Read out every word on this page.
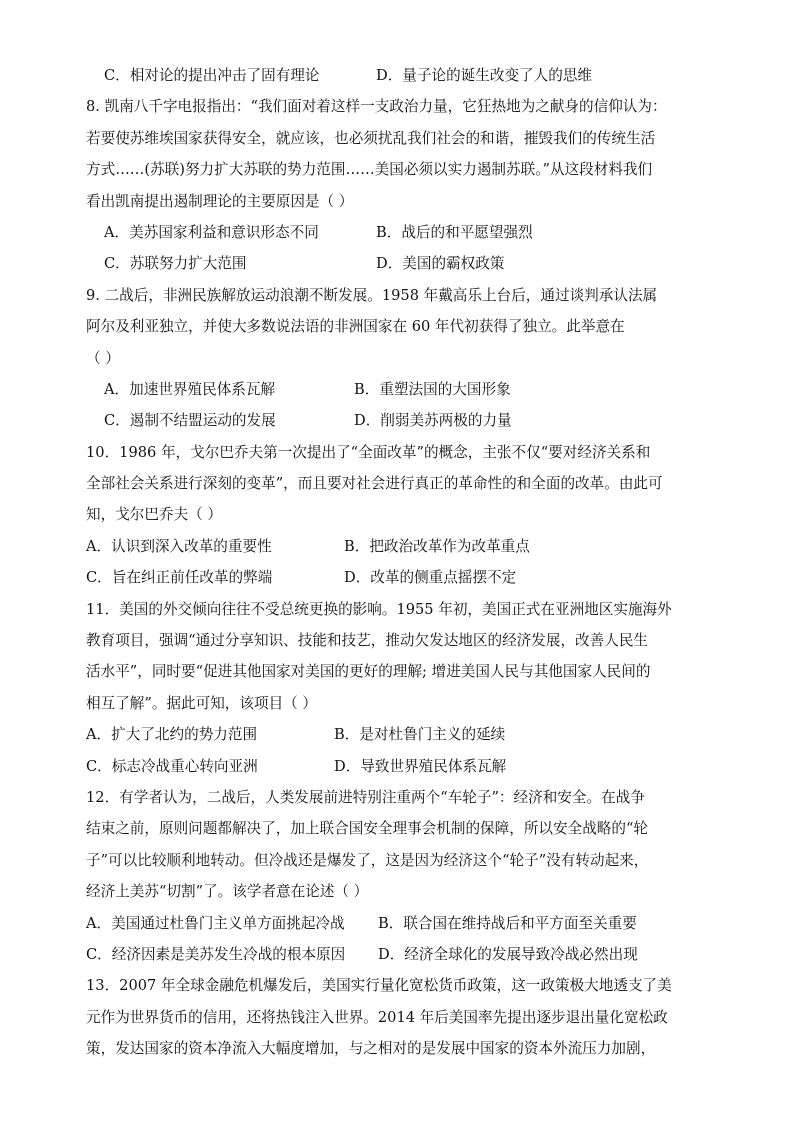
C．相对论的提出冲击了固有理论	D．量子论的诞生改变了人的思维
8. 凯南八千字电报指出：“我们面对着这样一支政治力量，它狂热地为之献身的信仰认为：
若要使苏维埃国家获得安全，就应该，也必须扰乱我们社会的和谐，摧毁我们的传统生活
方式……(苏联)努力扩大苏联的势力范围……美国必须以实力遏制苏联。”从这段材料我们
看出凯南提出遏制理论的主要原因是（ ）
A．美苏国家利益和意识形态不同	B．战后的和平愿望强烈
C．苏联努力扩大范围	D．美国的霸权政策
9. 二战后，非洲民族解放运动浪潮不断发展。1958 年戴高乐上台后，通过谈判承认法属
阿尔及利亚独立，并使大多数说法语的非洲国家在 60 年代初获得了独立。此举意在
（ ）
A．加速世界殖民体系瓦解	B．重塑法国的大国形象
C．遏制不结盟运动的发展	D．削弱美苏两极的力量
10．1986 年，戈尔巴乔夫第一次提出了“全面改革”的概念，主张不仅“要对经济关系和
全部社会关系进行深刻的变革”，而且要对社会进行真正的革命性的和全面的改革。由此可
知，戈尔巴乔夫（ ）
A．认识到深入改革的重要性	B．把政治改革作为改革重点
C．旨在纠正前任改革的弊端	D．改革的侧重点摇摆不定
11．美国的外交倾向往往不受总统更换的影响。1955 年初，美国正式在亚洲地区实施海外
教育项目，强调“通过分享知识、技能和技艺，推动欠发达地区的经济发展，改善人民生
活水平”，同时要“促进其他国家对美国的更好的理解; 增进美国人民与其他国家人民间的
相互了解”。据此可知，该项目（ ）
A．扩大了北约的势力范围	B．是对杜鲁门主义的延续
C．标志冷战重心转向亚洲	D．导致世界殖民体系瓦解
12．有学者认为，二战后，人类发展前进特别注重两个“车轮子”：经济和安全。在战争
结束之前，原则问题都解决了，加上联合国安全理事会机制的保障，所以安全战略的“轮
子”可以比较顺利地转动。但冷战还是爆发了，这是因为经济这个“轮子”没有转动起来，
经济上美苏“切割”了。该学者意在论述（ ）
A．美国通过杜鲁门主义单方面挑起冷战	B．联合国在维持战后和平方面至关重要
C．经济因素是美苏发生冷战的根本原因	D．经济全球化的发展导致冷战必然出现
13．2007 年全球金融危机爆发后，美国实行量化宽松货币政策，这一政策极大地透支了美
元作为世界货币的信用，还将热钱注入世界。2014 年后美国率先提出逐步退出量化宽松政
策，发达国家的资本净流入大幅度增加，与之相对的是发展中国家的资本外流压力加剧，
